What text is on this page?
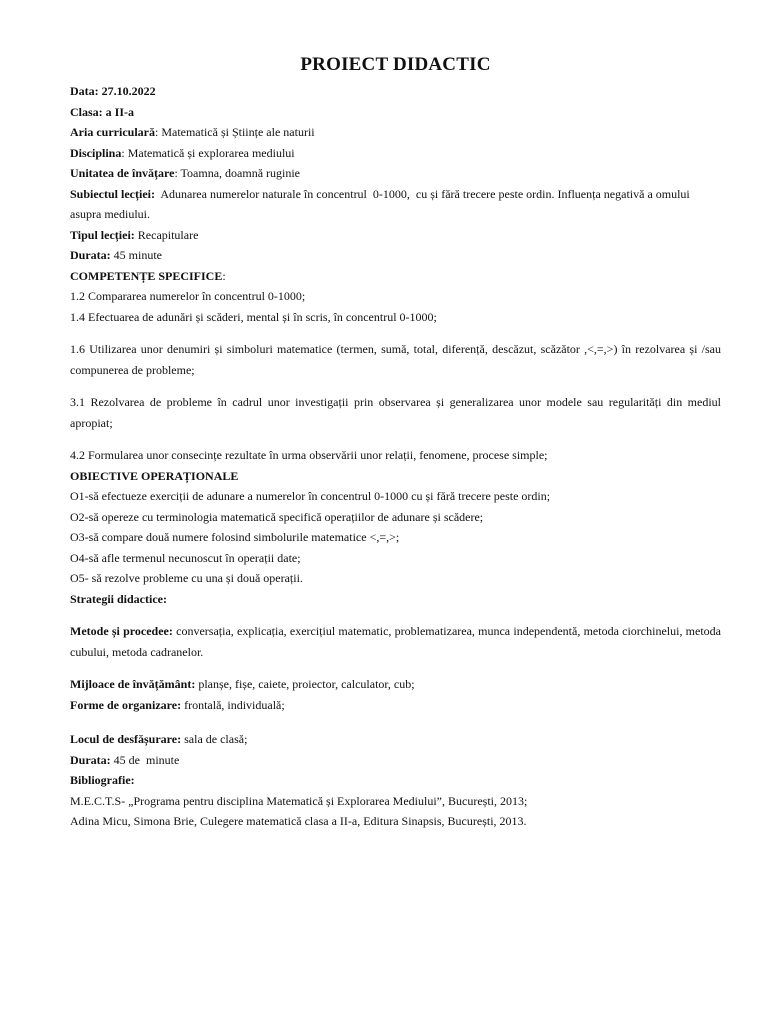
PROIECT DIDACTIC

Data: 27.10.2022

Clasa: a II-a

Aria curriculară: Matematică și Științe ale naturii

Disciplina: Matematică și explorarea mediului

Unitatea de învățare: Toamna, doamnă ruginie

Subiectul lecției:  Adunarea numerelor naturale în concentrul  0-1000,  cu și fără trecere peste ordin. Influența negativă a omului asupra mediului.

Tipul lecției: Recapitulare

Durata: 45 minute

COMPETENȚE SPECIFICE:

1.2 Compararea numerelor în concentrul 0-1000;

1.4 Efectuarea de adunări și scăderi, mental și în scris, în concentrul 0-1000;

1.6 Utilizarea unor denumiri și simboluri matematice (termen, sumă, total, diferență, descăzut, scăzător ,<,=,>) în rezolvarea și /sau compunerea de probleme;

3.1 Rezolvarea de probleme în cadrul unor investigații prin observarea și generalizarea unor modele sau regularități din mediul apropiat;

4.2 Formularea unor consecințe rezultate în urma observării unor relații, fenomene, procese simple;

OBIECTIVE OPERAȚIONALE

O1-să efectueze exerciții de adunare a numerelor în concentrul 0-1000 cu și fără trecere peste ordin;

O2-să opereze cu terminologia matematică specifică operațiilor de adunare și scădere;

O3-să compare două numere folosind simbolurile matematice <,=,>;

O4-să afle termenul necunoscut în operații date;

O5- să rezolve probleme cu una și două operații.

Strategii didactice:

Metode și procedee: conversația, explicația, exercițiul matematic, problematizarea, munca independentă, metoda ciorchinelui, metoda cubului, metoda cadranelor.

Mijloace de învățământ: planșe, fișe, caiete, proiector, calculator, cub;

Forme de organizare: frontală, individuală;

Locul de desfășurare: sala de clasă;

Durata: 45 de  minute

Bibliografie:

M.E.C.T.S- „Programa pentru disciplina Matematică și Explorarea Mediului”, București, 2013;

Adina Micu, Simona Brie, Culegere matematică clasa a II-a, Editura Sinapsis, București, 2013.
